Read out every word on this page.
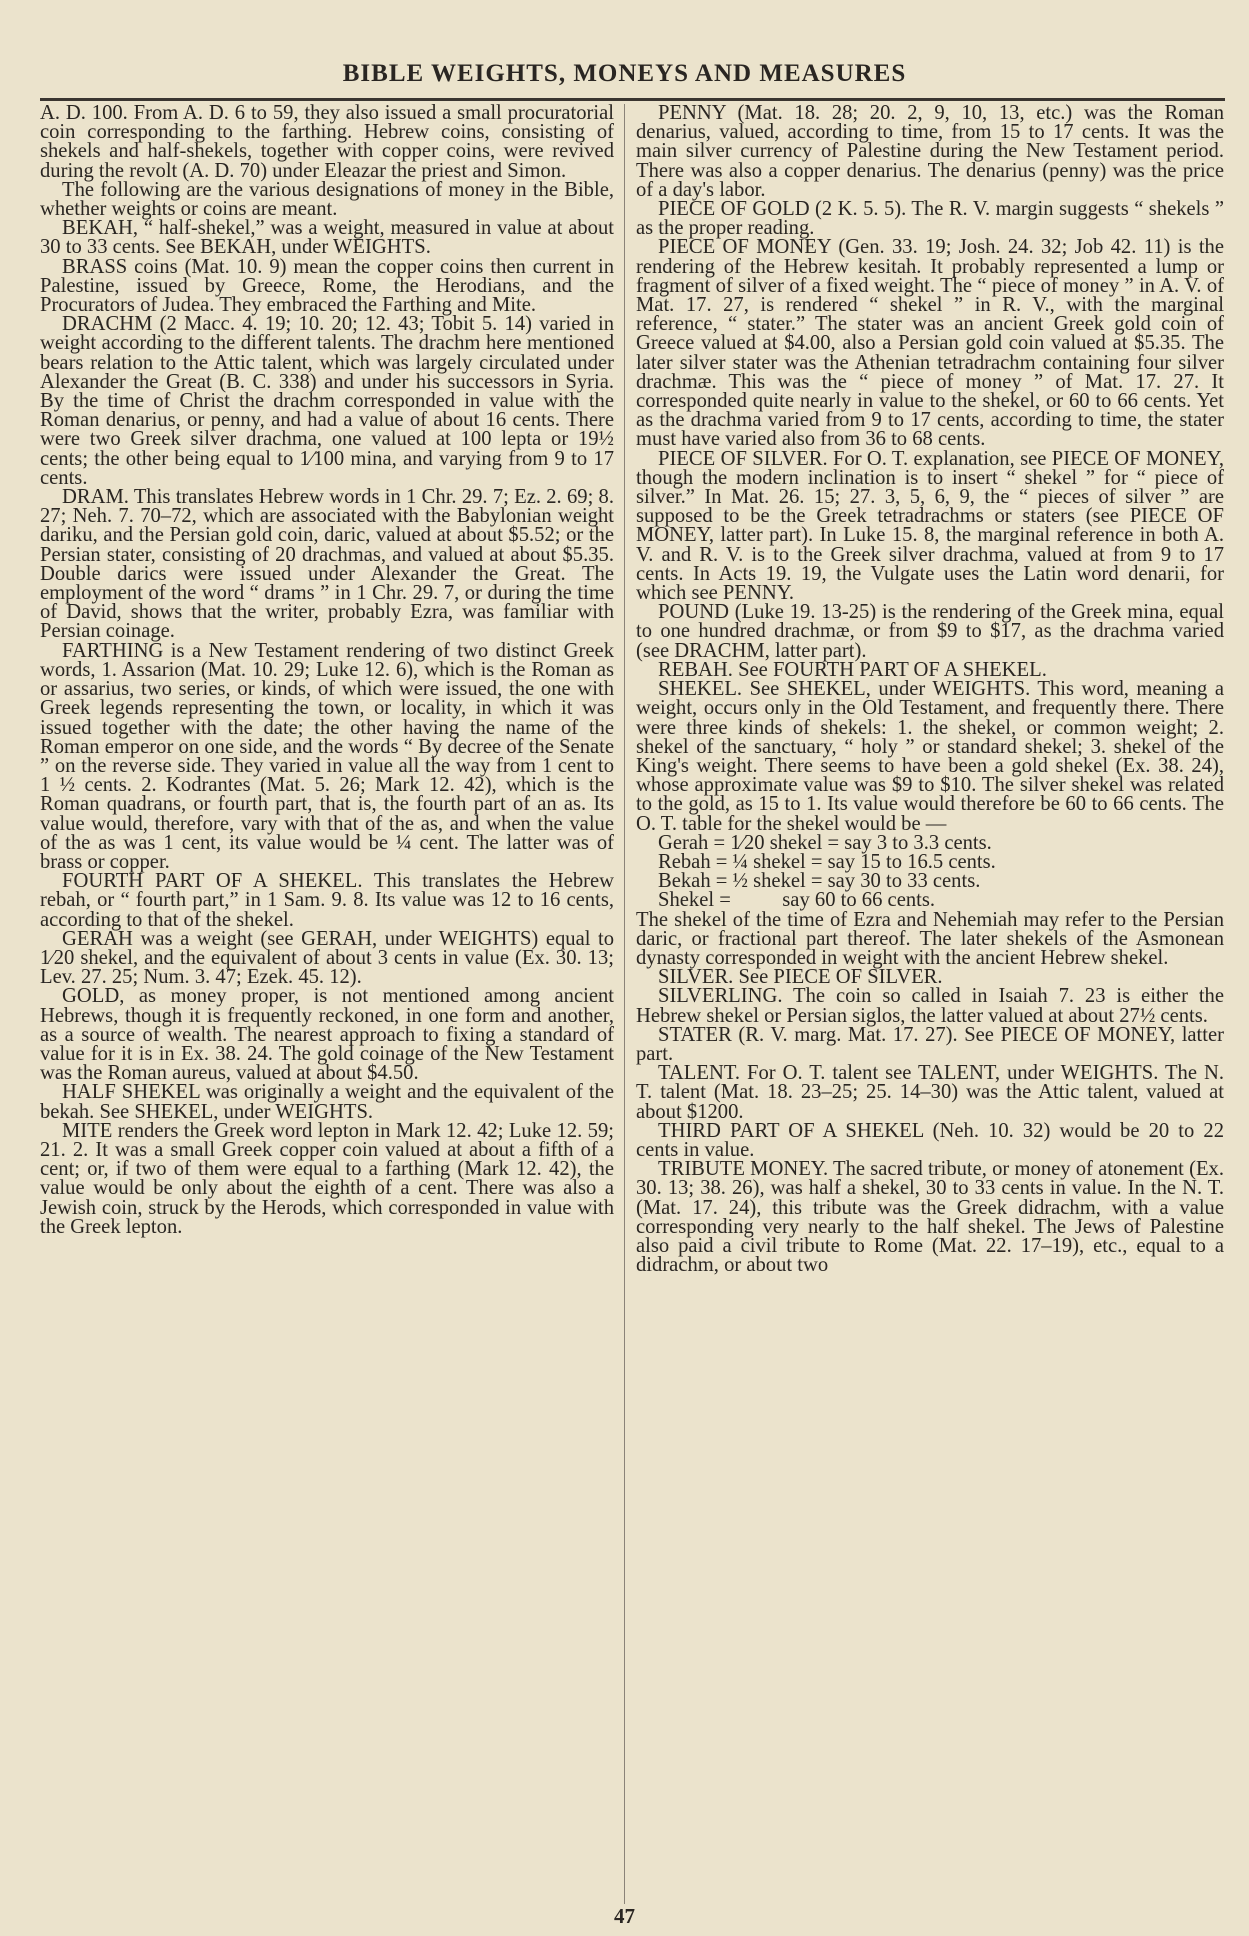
BIBLE WEIGHTS, MONEYS AND MEASURES

A. D. 100. From A. D. 6 to 59, they also issued a small procuratorial coin corresponding to the farthing. Hebrew coins, consisting of shekels and half-shekels, together with copper coins, were revived during the revolt (A. D. 70) under Eleazar the priest and Simon.

The following are the various designations of money in the Bible, whether weights or coins are meant.

BEKAH, “ half-shekel,” was a weight, measured in value at about 30 to 33 cents. See BEKAH, under WEIGHTS.

BRASS coins (Mat. 10. 9) mean the copper coins then current in Palestine, issued by Greece, Rome, the Herodians, and the Procurators of Judea. They embraced the Farthing and Mite.

DRACHM (2 Macc. 4. 19; 10. 20; 12. 43; Tobit 5. 14) varied in weight according to the different talents. The drachm here mentioned bears relation to the Attic talent, which was largely circulated under Alexander the Great (B. C. 338) and under his successors in Syria. By the time of Christ the drachm corresponded in value with the Roman denarius, or penny, and had a value of about 16 cents. There were two Greek silver drachma, one valued at 100 lepta or 19½ cents; the other being equal to 1⁄100 mina, and varying from 9 to 17 cents.

DRAM. This translates Hebrew words in 1 Chr. 29. 7; Ez. 2. 69; 8. 27; Neh. 7. 70–72, which are associated with the Babylonian weight dariku, and the Persian gold coin, daric, valued at about $5.52; or the Persian stater, consisting of 20 drachmas, and valued at about $5.35. Double darics were issued under Alexander the Great. The employment of the word “ drams ” in 1 Chr. 29. 7, or during the time of David, shows that the writer, probably Ezra, was familiar with Persian coinage.

FARTHING is a New Testament rendering of two distinct Greek words, 1. Assarion (Mat. 10. 29; Luke 12. 6), which is the Roman as or assarius, two series, or kinds, of which were issued, the one with Greek legends representing the town, or locality, in which it was issued together with the date; the other having the name of the Roman emperor on one side, and the words “ By decree of the Senate ” on the reverse side. They varied in value all the way from 1 cent to 1 ½ cents. 2. Kodrantes (Mat. 5. 26; Mark 12. 42), which is the Roman quadrans, or fourth part, that is, the fourth part of an as. Its value would, therefore, vary with that of the as, and when the value of the as was 1 cent, its value would be ¼ cent. The latter was of brass or copper.

FOURTH PART OF A SHEKEL. This translates the Hebrew rebah, or “ fourth part,” in 1 Sam. 9. 8. Its value was 12 to 16 cents, according to that of the shekel.

GERAH was a weight (see GERAH, under WEIGHTS) equal to 1⁄20 shekel, and the equivalent of about 3 cents in value (Ex. 30. 13; Lev. 27. 25; Num. 3. 47; Ezek. 45. 12).

GOLD, as money proper, is not mentioned among ancient Hebrews, though it is frequently reckoned, in one form and another, as a source of wealth. The nearest approach to fixing a standard of value for it is in Ex. 38. 24. The gold coinage of the New Testament was the Roman aureus, valued at about $4.50.

HALF SHEKEL was originally a weight and the equivalent of the bekah. See SHEKEL, under WEIGHTS.

MITE renders the Greek word lepton in Mark 12. 42; Luke 12. 59; 21. 2. It was a small Greek copper coin valued at about a fifth of a cent; or, if two of them were equal to a farthing (Mark 12. 42), the value would be only about the eighth of a cent. There was also a Jewish coin, struck by the Herods, which corresponded in value with the Greek lepton.

PENNY (Mat. 18. 28; 20. 2, 9, 10, 13, etc.) was the Roman denarius, valued, according to time, from 15 to 17 cents. It was the main silver currency of Palestine during the New Testament period. There was also a copper denarius. The denarius (penny) was the price of a day's labor.

PIECE OF GOLD (2 K. 5. 5). The R. V. margin suggests “ shekels ” as the proper reading.

PIECE OF MONEY (Gen. 33. 19; Josh. 24. 32; Job 42. 11) is the rendering of the Hebrew kesitah. It probably represented a lump or fragment of silver of a fixed weight. The “ piece of money ” in A. V. of Mat. 17. 27, is rendered “ shekel ” in R. V., with the marginal reference, “ stater.” The stater was an ancient Greek gold coin of Greece valued at $4.00, also a Persian gold coin valued at $5.35. The later silver stater was the Athenian tetradrachm containing four silver drachmæ. This was the “ piece of money ” of Mat. 17. 27. It corresponded quite nearly in value to the shekel, or 60 to 66 cents. Yet as the drachma varied from 9 to 17 cents, according to time, the stater must have varied also from 36 to 68 cents.

PIECE OF SILVER. For O. T. explanation, see PIECE OF MONEY, though the modern inclination is to insert “ shekel ” for “ piece of silver.” In Mat. 26. 15; 27. 3, 5, 6, 9, the “ pieces of silver ” are supposed to be the Greek tetradrachms or staters (see PIECE OF MONEY, latter part). In Luke 15. 8, the marginal reference in both A. V. and R. V. is to the Greek silver drachma, valued at from 9 to 17 cents. In Acts 19. 19, the Vulgate uses the Latin word denarii, for which see PENNY.

POUND (Luke 19. 13-25) is the rendering of the Greek mina, equal to one hundred drachmæ, or from $9 to $17, as the drachma varied (see DRACHM, latter part).

REBAH. See FOURTH PART OF A SHEKEL.

SHEKEL. See SHEKEL, under WEIGHTS. This word, meaning a weight, occurs only in the Old Testament, and frequently there. There were three kinds of shekels: 1. the shekel, or common weight; 2. shekel of the sanctuary, “ holy ” or standard shekel; 3. shekel of the King's weight. There seems to have been a gold shekel (Ex. 38. 24), whose approximate value was $9 to $10. The silver shekel was related to the gold, as 15 to 1. Its value would therefore be 60 to 66 cents. The O. T. table for the shekel would be —

Gerah = 1⁄20 shekel = say 3 to 3.3 cents.

Rebah = ¼ shekel = say 15 to 16.5 cents.

Bekah = ½ shekel = say 30 to 33 cents.

Shekel =          say 60 to 66 cents.

The shekel of the time of Ezra and Nehemiah may refer to the Persian daric, or fractional part thereof. The later shekels of the Asmonean dynasty corresponded in weight with the ancient Hebrew shekel.

SILVER. See PIECE OF SILVER.

SILVERLING. The coin so called in Isaiah 7. 23 is either the Hebrew shekel or Persian siglos, the latter valued at about 27½ cents.

STATER (R. V. marg. Mat. 17. 27). See PIECE OF MONEY, latter part.

TALENT. For O. T. talent see TALENT, under WEIGHTS. The N. T. talent (Mat. 18. 23–25; 25. 14–30) was the Attic talent, valued at about $1200.

THIRD PART OF A SHEKEL (Neh. 10. 32) would be 20 to 22 cents in value.

TRIBUTE MONEY. The sacred tribute, or money of atonement (Ex. 30. 13; 38. 26), was half a shekel, 30 to 33 cents in value. In the N. T. (Mat. 17. 24), this tribute was the Greek didrachm, with a value corresponding very nearly to the half shekel. The Jews of Palestine also paid a civil tribute to Rome (Mat. 22. 17–19), etc., equal to a didrachm, or about two

47
